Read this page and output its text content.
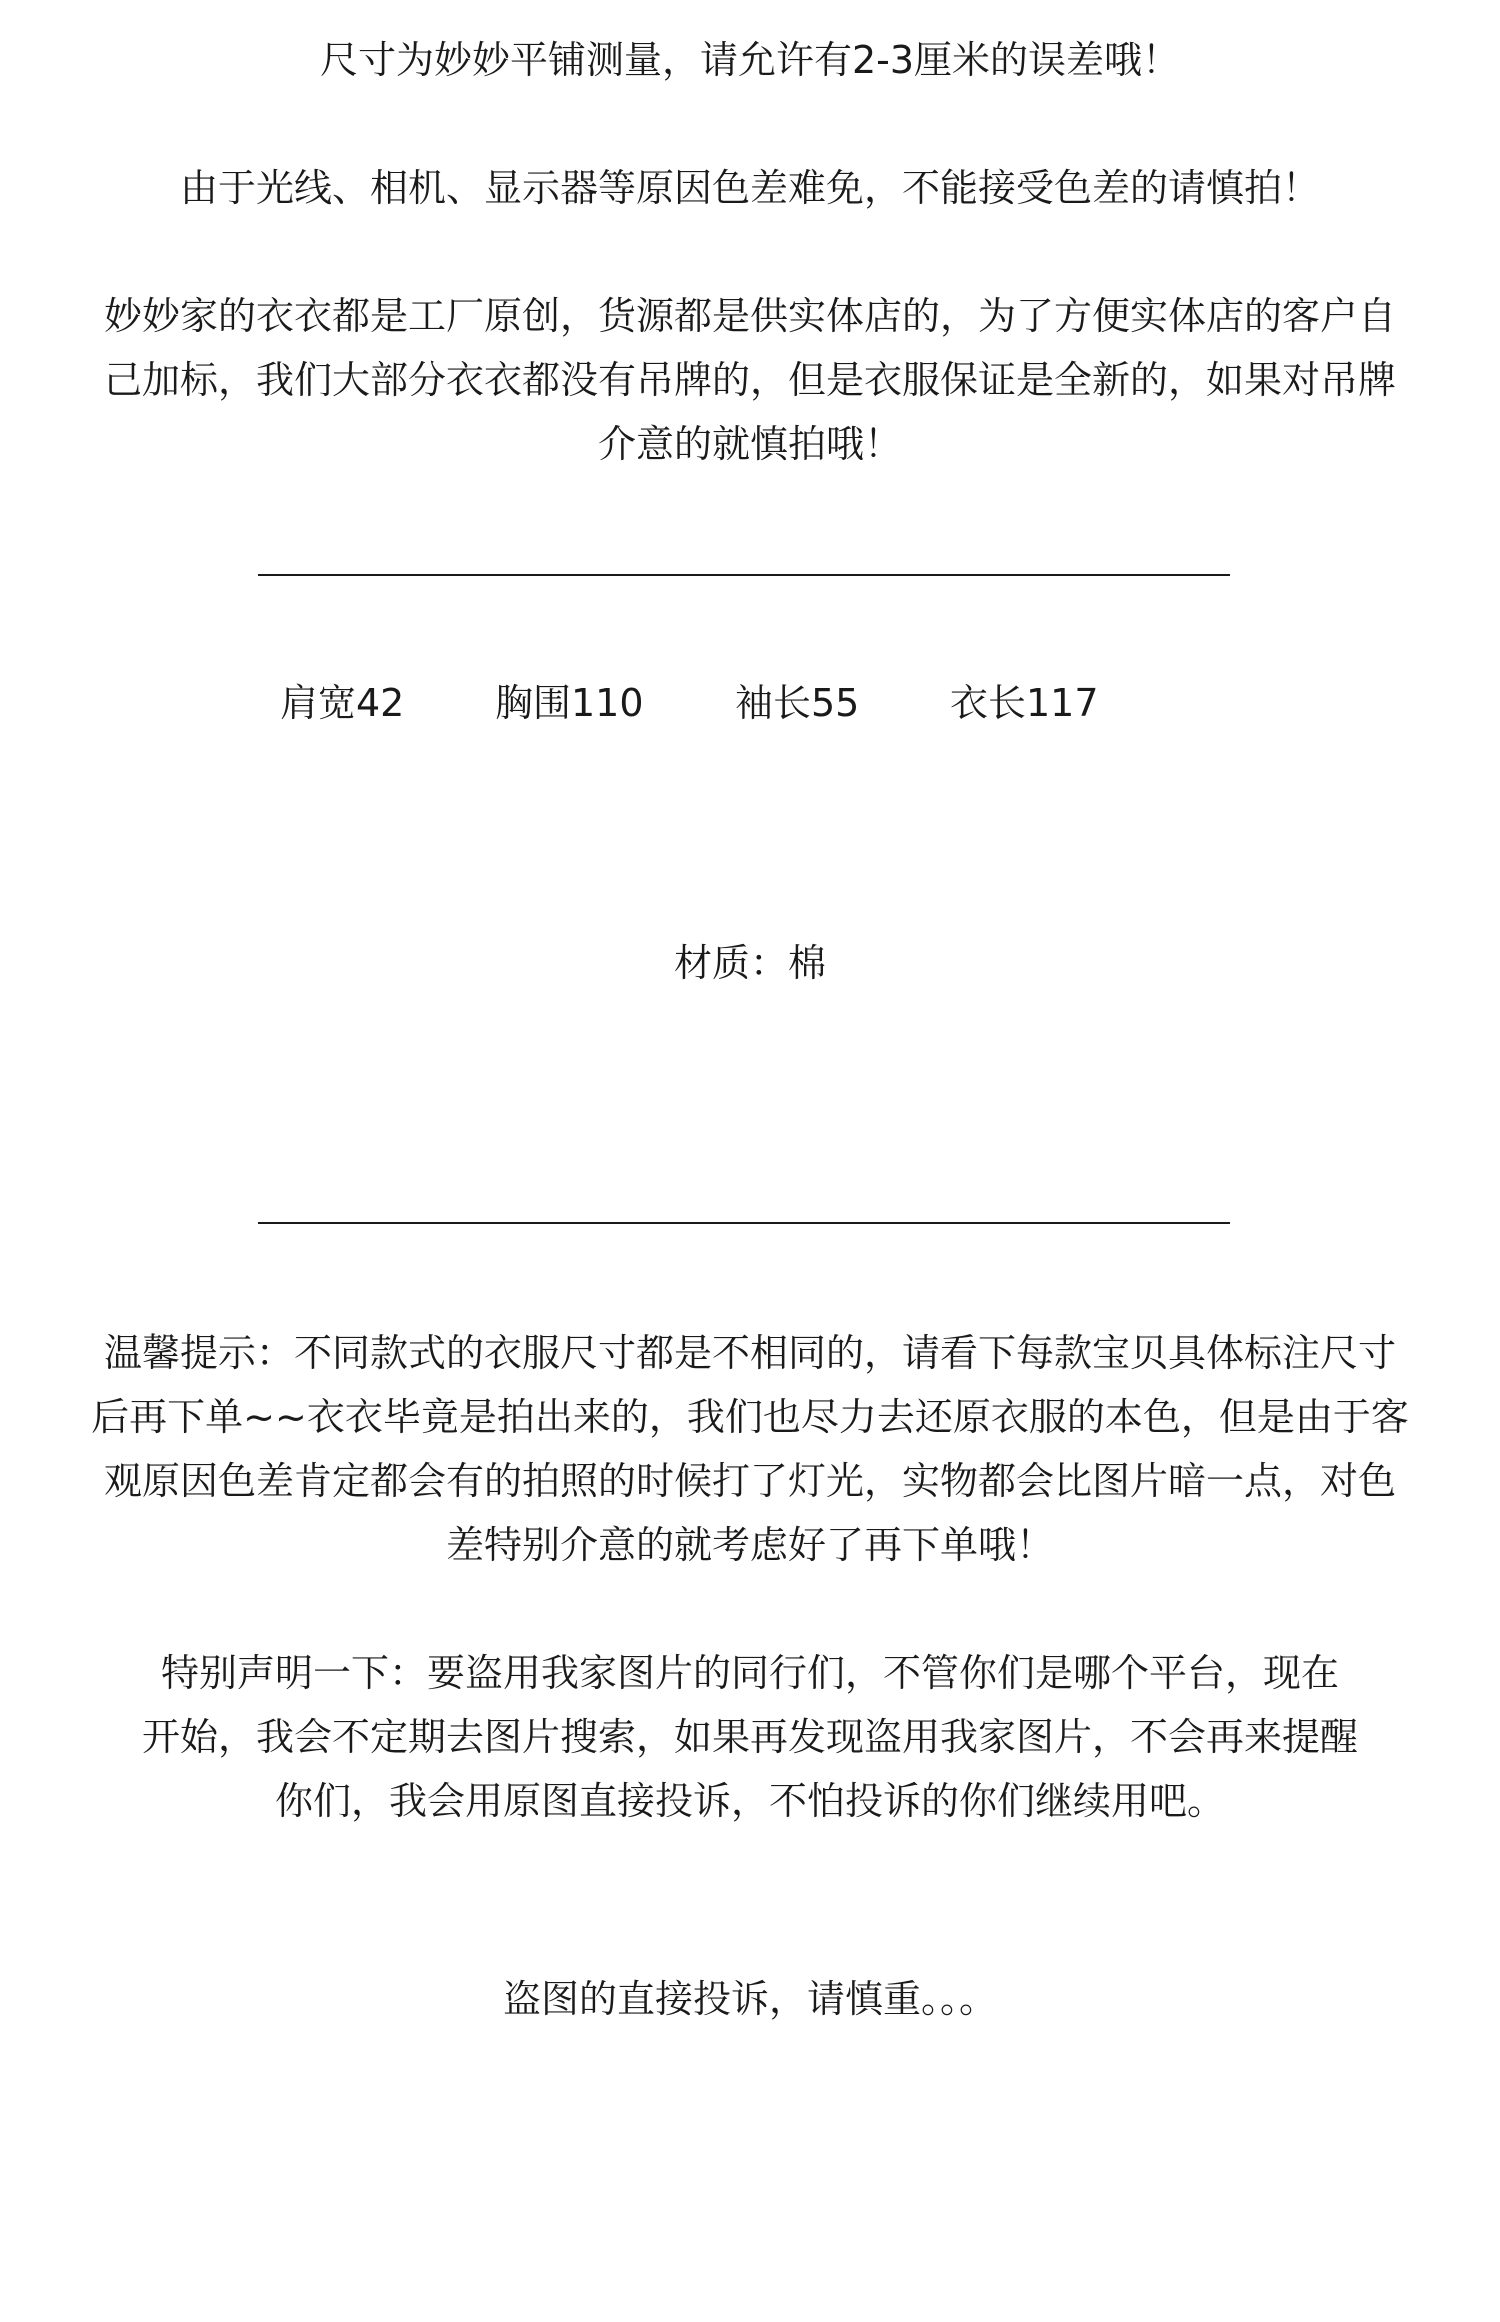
尺寸为妙妙平铺测量，请允许有2-3厘米的误差哦！
由于光线、相机、显示器等原因色差难免，不能接受色差的请慎拍！
妙妙家的衣衣都是工厂原创，货源都是供实体店的，为了方便实体店的客户自
己加标，我们大部分衣衣都没有吊牌的，但是衣服保证是全新的，如果对吊牌
介意的就慎拍哦！
肩宽42 胸围110 袖长55 衣长117
材质：棉
温馨提示：不同款式的衣服尺寸都是不相同的，请看下每款宝贝具体标注尺寸
后再下单~~衣衣毕竟是拍出来的，我们也尽力去还原衣服的本色，但是由于客
观原因色差肯定都会有的拍照的时候打了灯光，实物都会比图片暗一点，对色
差特别介意的就考虑好了再下单哦！
特别声明一下：要盗用我家图片的同行们，不管你们是哪个平台，现在
开始，我会不定期去图片搜索，如果再发现盗用我家图片，不会再来提醒
你们，我会用原图直接投诉，不怕投诉的你们继续用吧。
盗图的直接投诉，请慎重。。。
